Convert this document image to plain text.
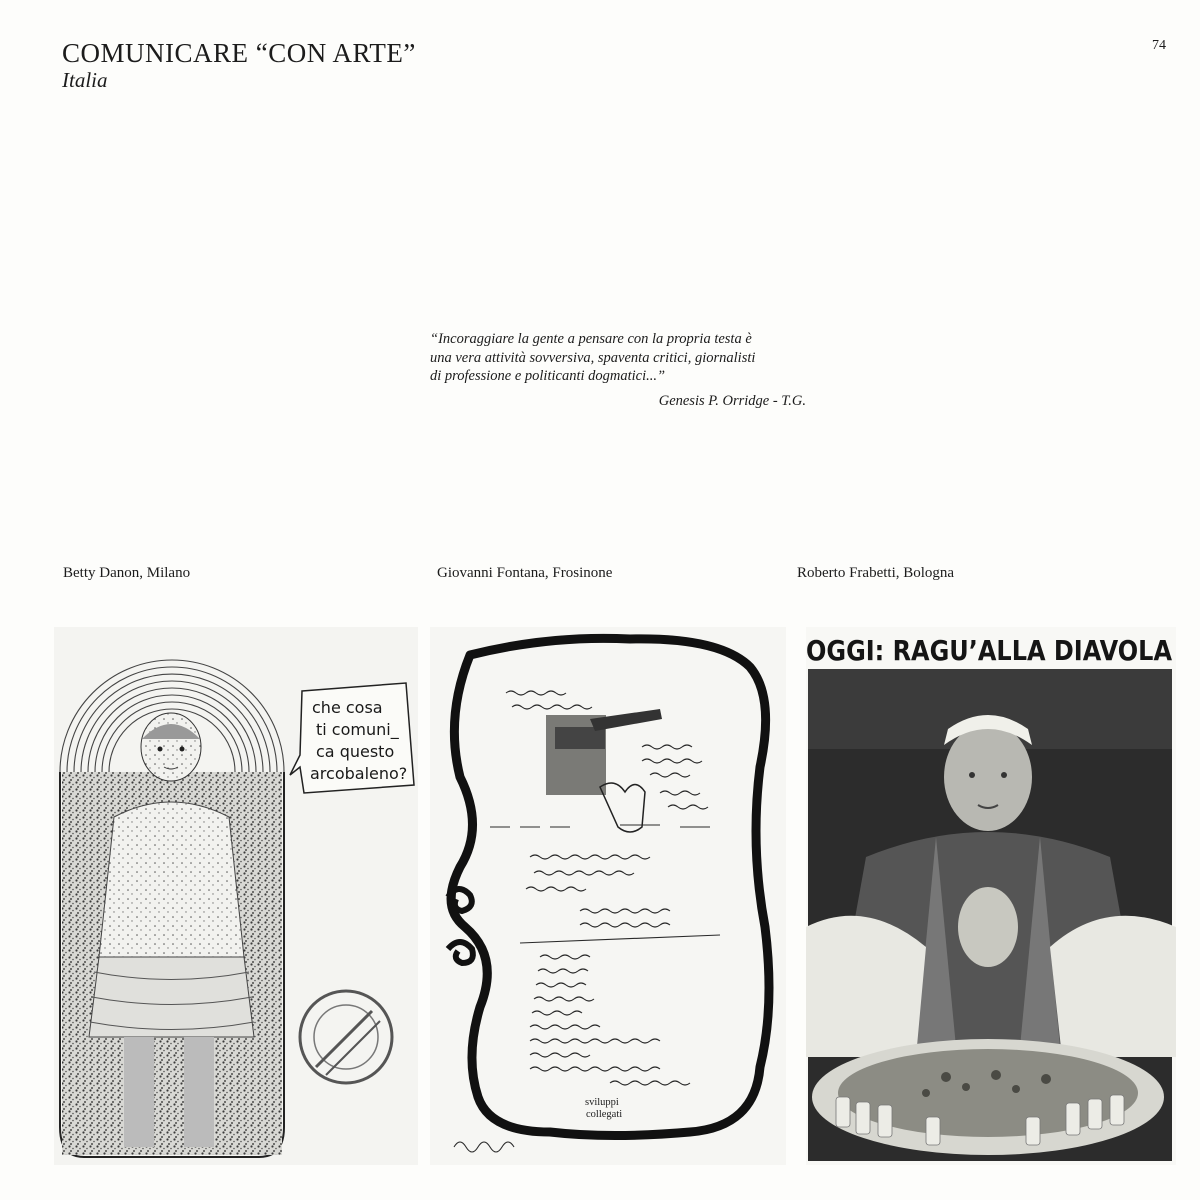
COMUNICARE “CON ARTE”
Italia
74

“Incoraggiare la gente a pensare con la propria testa è
una vera attività sovversiva, spaventa critici, giornalisti
di professione e politicanti dogmatici...”

Genesis P. Orridge - T.G.
Betty Danon, Milano	Giovanni Fontana, Frosinone	Roberto Frabetti, Bologna
che cosa
ti comuni_
ca questo
arcobaleno?
sviluppi
collegati
OGGI: RAGU’ALLA DIAVOLA
